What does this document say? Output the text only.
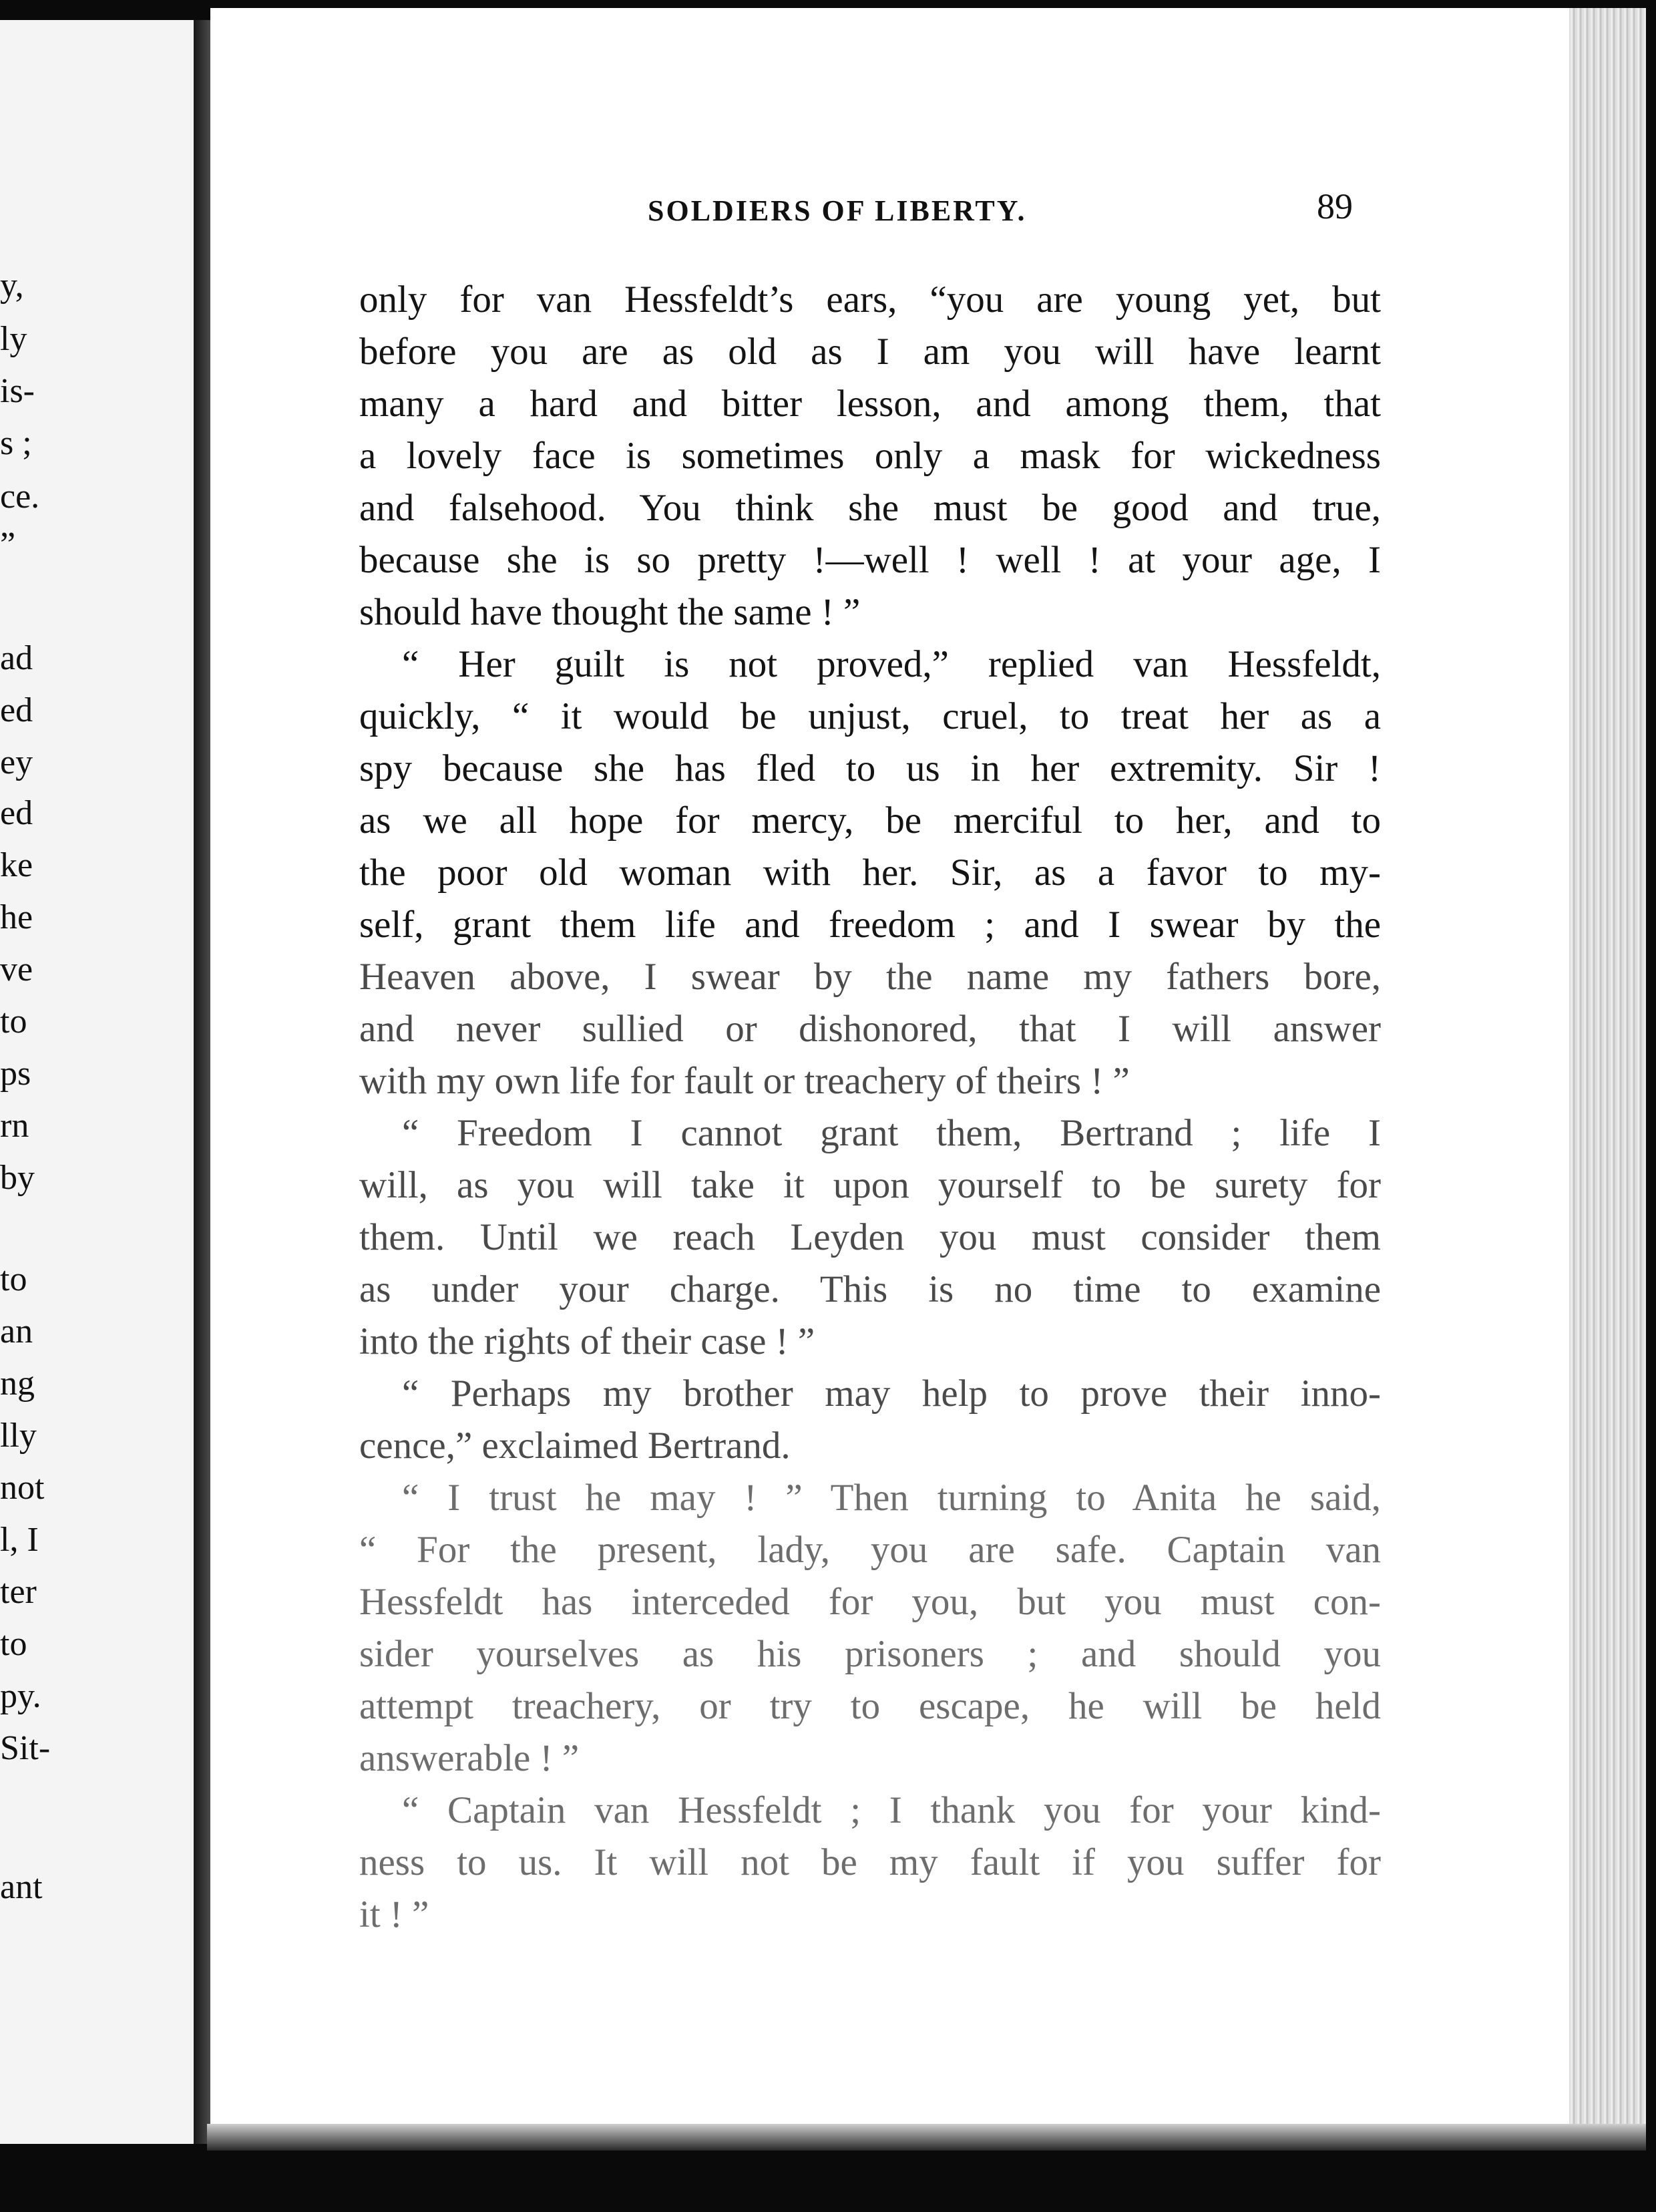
y,
ly
is-
s ;
ce.
”
ad
ed
ey
ed
ke
he
ve
to
ps
rn
by
to
an
ng
lly
not
l, I
ter
to
py.
Sit-
ant
SOLDIERS OF LIBERTY.	89
only for van Hessfeldt’s ears, “you are young yet, but
before you are as old as I am you will have learnt
many a hard and bitter lesson, and among them, that
a lovely face is sometimes only a mask for wickedness
and falsehood. You think she must be good and true,
because she is so pretty !—well ! well ! at your age, I
should have thought the same ! ”
“ Her guilt is not proved,” replied van Hessfeldt,
quickly, “ it would be unjust, cruel, to treat her as a
spy because she has fled to us in her extremity. Sir !
as we all hope for mercy, be merciful to her, and to
the poor old woman with her. Sir, as a favor to my-
self, grant them life and freedom ; and I swear by the
Heaven above, I swear by the name my fathers bore,
and never sullied or dishonored, that I will answer
with my own life for fault or treachery of theirs ! ”
“ Freedom I cannot grant them, Bertrand ; life I
will, as you will take it upon yourself to be surety for
them. Until we reach Leyden you must consider them
as under your charge. This is no time to examine
into the rights of their case ! ”
“ Perhaps my brother may help to prove their inno-
cence,” exclaimed Bertrand.
“ I trust he may ! ” Then turning to Anita he said,
“ For the present, lady, you are safe. Captain van
Hessfeldt has interceded for you, but you must con-
sider yourselves as his prisoners ; and should you
attempt treachery, or try to escape, he will be held
answerable ! ”
“ Captain van Hessfeldt ; I thank you for your kind-
ness to us. It will not be my fault if you suffer for
it ! ”
